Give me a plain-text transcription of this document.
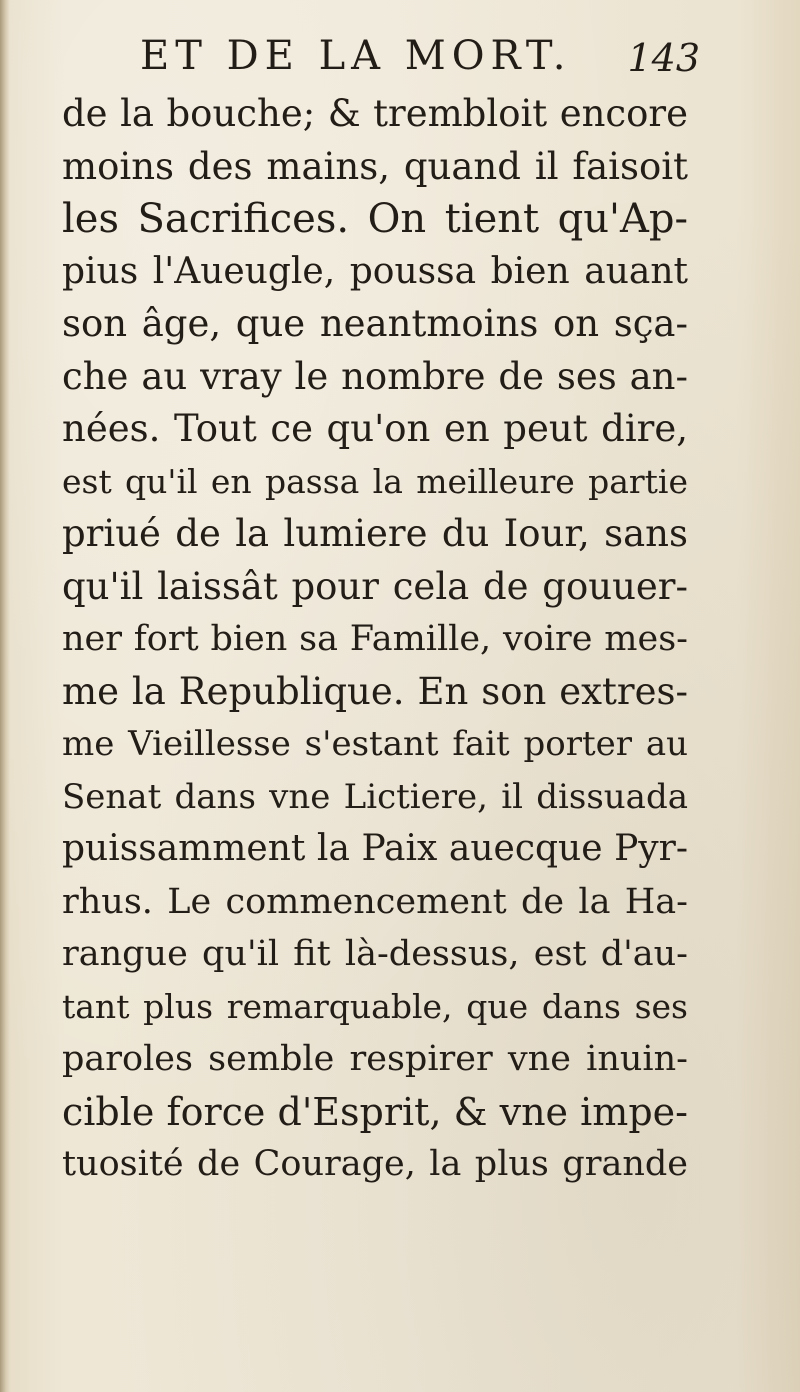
ET DE LA MORT. 143
de la bouche; & trembloit encore
moins des mains, quand il faisoit
les Sacrifices. On tient qu'Ap-
pius l'Aueugle, poussa bien auant
son âge, que neantmoins on sça-
che au vray le nombre de ses an-
nées. Tout ce qu'on en peut dire,
est qu'il en passa la meilleure partie
priué de la lumiere du Iour, sans
qu'il laissât pour cela de gouuer-
ner fort bien sa Famille, voire mes-
me la Republique. En son extres-
me Vieillesse s'estant fait porter au
Senat dans vne Lictiere, il dissuada
puissamment la Paix auecque Pyr-
rhus. Le commencement de la Ha-
rangue qu'il fit là-dessus, est d'au-
tant plus remarquable, que dans ses
paroles semble respirer vne inuin-
cible force d'Esprit, & vne impe-
tuosité de Courage, la plus grande
